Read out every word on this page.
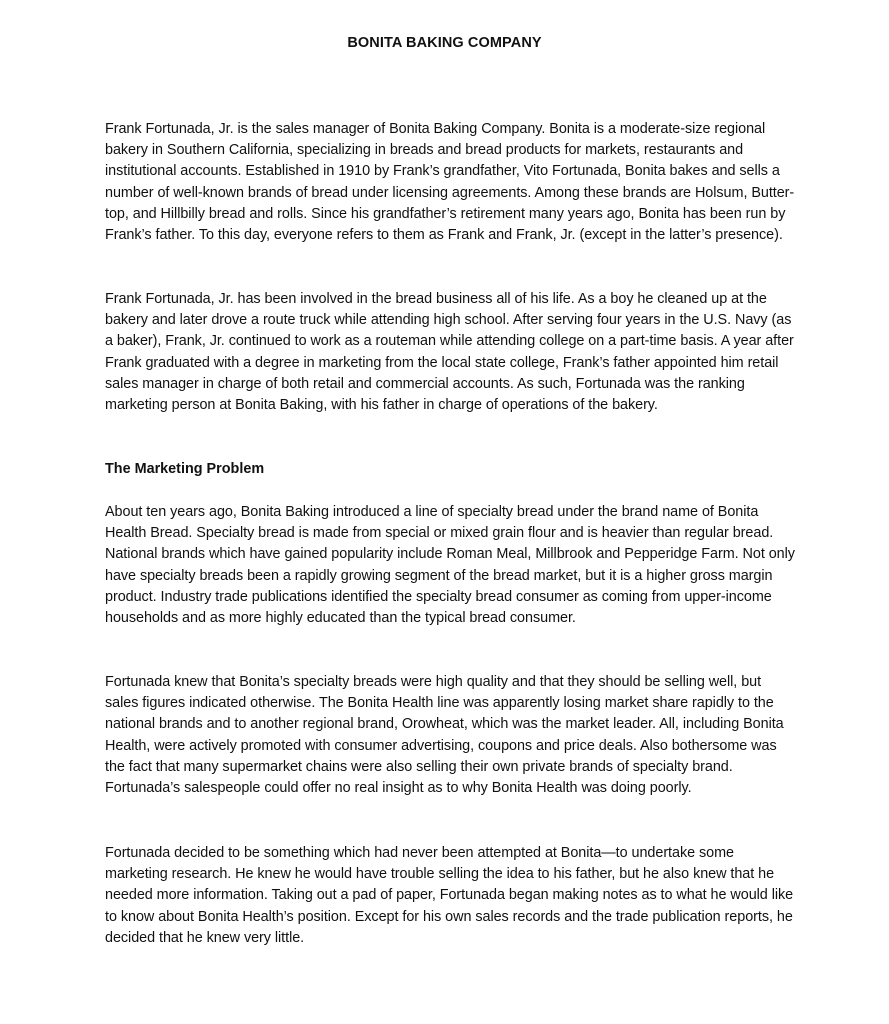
BONITA BAKING COMPANY

Frank Fortunada, Jr. is the sales manager of Bonita Baking Company. Bonita is a moderate-size regional bakery in Southern California, specializing in breads and bread products for markets, restaurants and institutional accounts. Established in 1910 by Frank’s grandfather, Vito Fortunada, Bonita bakes and sells a number of well-known brands of bread under licensing agreements. Among these brands are Holsum, Butter-top, and Hillbilly bread and rolls. Since his grandfather’s retirement many years ago, Bonita has been run by Frank’s father. To this day, everyone refers to them as Frank and Frank, Jr. (except in the latter’s presence).

Frank Fortunada, Jr. has been involved in the bread business all of his life. As a boy he cleaned up at the bakery and later drove a route truck while attending high school. After serving four years in the U.S. Navy (as a baker), Frank, Jr. continued to work as a routeman while attending college on a part-time basis. A year after Frank graduated with a degree in marketing from the local state college, Frank’s father appointed him retail sales manager in charge of both retail and commercial accounts. As such, Fortunada was the ranking marketing person at Bonita Baking, with his father in charge of operations of the bakery.

The Marketing Problem

About ten years ago, Bonita Baking introduced a line of specialty bread under the brand name of Bonita Health Bread. Specialty bread is made from special or mixed grain flour and is heavier than regular bread. National brands which have gained popularity include Roman Meal, Millbrook and Pepperidge Farm. Not only have specialty breads been a rapidly growing segment of the bread market, but it is a higher gross margin product. Industry trade publications identified the specialty bread consumer as coming from upper-income households and as more highly educated than the typical bread consumer.

Fortunada knew that Bonita’s specialty breads were high quality and that they should be selling well, but sales figures indicated otherwise. The Bonita Health line was apparently losing market share rapidly to the national brands and to another regional brand, Orowheat, which was the market leader. All, including Bonita Health, were actively promoted with consumer advertising, coupons and price deals. Also bothersome was the fact that many supermarket chains were also selling their own private brands of specialty brand. Fortunada’s salespeople could offer no real insight as to why Bonita Health was doing poorly.

Fortunada decided to be something which had never been attempted at Bonita—to undertake some marketing research. He knew he would have trouble selling the idea to his father, but he also knew that he needed more information. Taking out a pad of paper, Fortunada began making notes as to what he would like to know about Bonita Health’s position. Except for his own sales records and the trade publication reports, he decided that he knew very little.
